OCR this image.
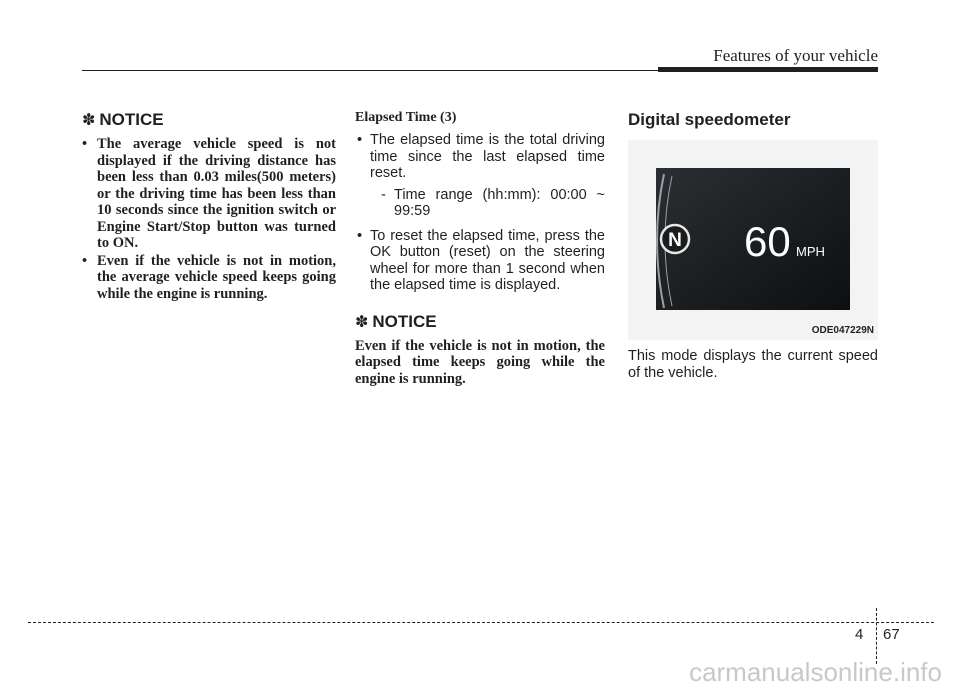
Features of your vehicle
✽ NOTICE
• The average vehicle speed is not displayed if the driving distance has been less than 0.03 miles(500 meters) or the driving time has been less than 10 seconds since the ignition switch or Engine Start/Stop button was turned to ON.
• Even if the vehicle is not in motion, the average vehicle speed keeps going while the engine is running.
Elapsed Time (3)
• The elapsed time is the total driving time since the last elapsed time reset.
- Time range (hh:mm): 00:00 ~ 99:59
• To reset the elapsed time, press the OK button (reset) on the steering wheel for more than 1 second when the elapsed time is displayed.
✽ NOTICE
Even if the vehicle is not in motion, the elapsed time keeps going while the engine is running.
Digital speedometer
N 60 MPH
ODE047229N
This mode displays the current speed of the vehicle.
4 67
carmanualsonline.info
